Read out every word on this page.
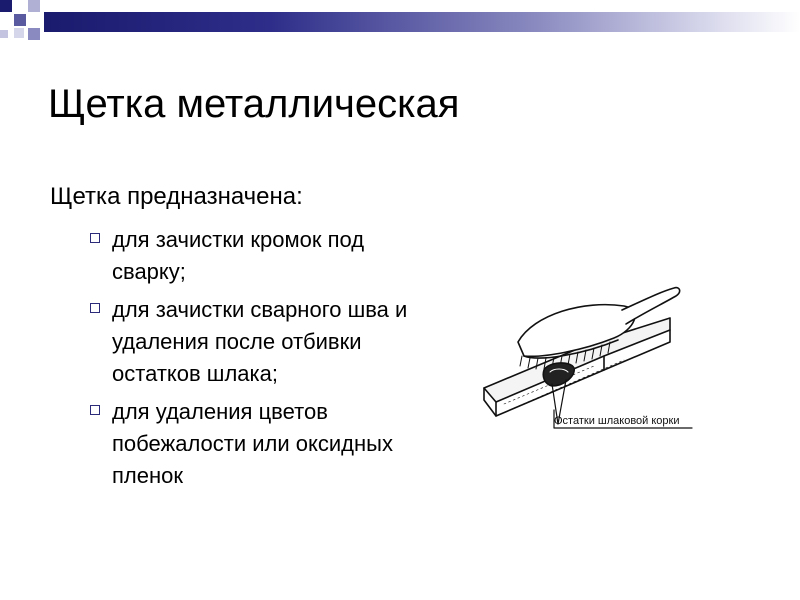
Щетка металлическая
Щетка предназначена:
для зачистки кромок под сварку;
для зачистки сварного шва и удаления после отбивки остатков шлака;
для удаления цветов побежалости или оксидных пленок
Остатки шлаковой корки
